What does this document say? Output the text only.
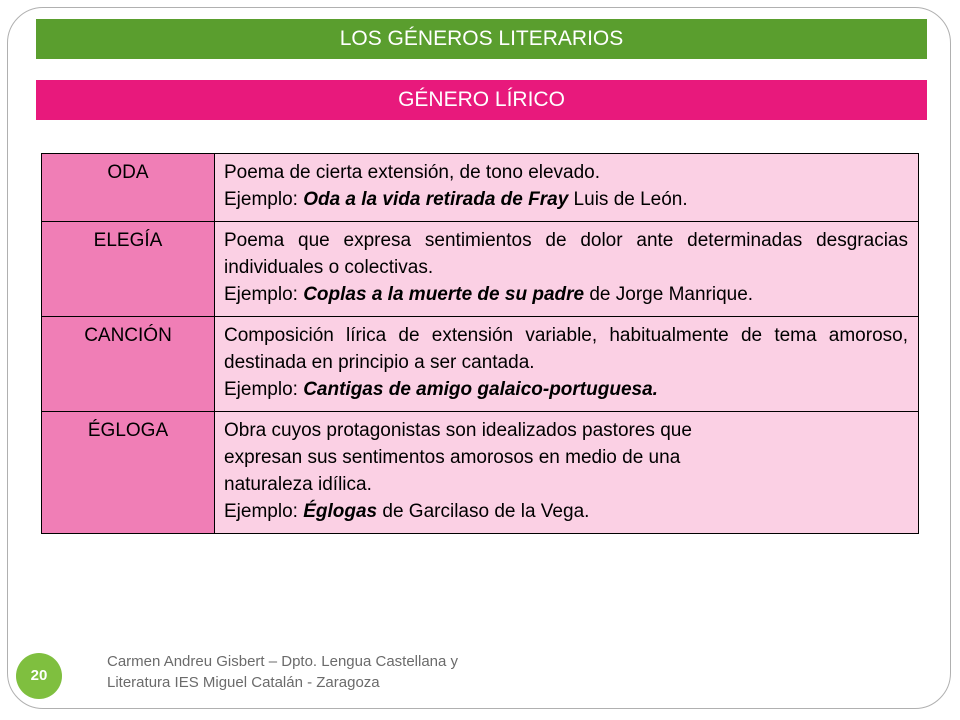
LOS GÉNEROS LITERARIOS
GÉNERO LÍRICO
ODA	Poema de cierta extensión, de tono elevado.
Ejemplo: Oda a la vida retirada de Fray Luis de León.
ELEGÍA	Poema que expresa sentimientos de dolor ante determinadas desgracias individuales o colectivas.
Ejemplo: Coplas a la muerte de su padre de Jorge Manrique.
CANCIÓN	Composición lírica de extensión variable, habitualmente de tema amoroso, destinada en principio a ser cantada.
Ejemplo: Cantigas de amigo galaico-portuguesa.
ÉGLOGA	Obra cuyos protagonistas son idealizados pastores que
expresan sus sentimentos amorosos en medio de una
naturaleza idílica.
Ejemplo: Églogas de Garcilaso de la Vega.
20
Carmen Andreu Gisbert – Dpto. Lengua Castellana y
Literatura IES Miguel Catalán - Zaragoza
